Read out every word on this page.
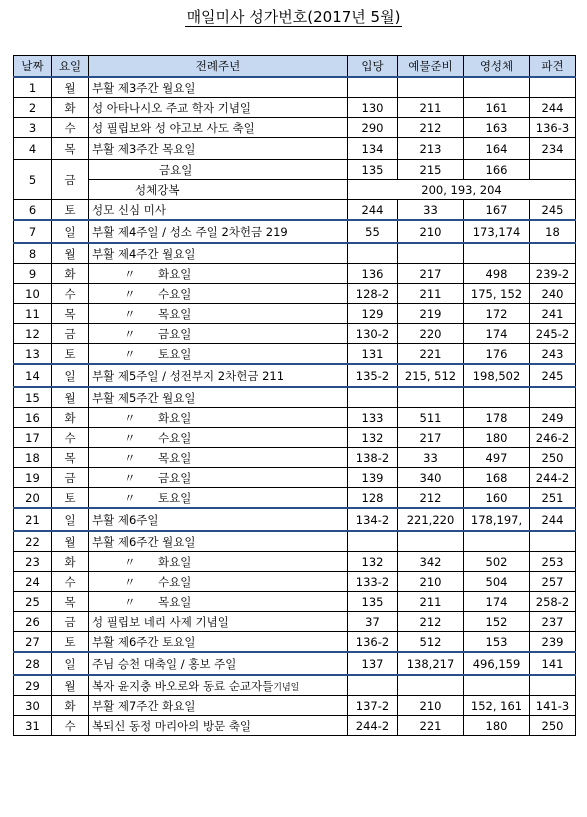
매일미사 성가번호(2017년 5월)
날짜	요일	전례주년	입당	예물준비	영성체	파견
1	월	부활 제3주간 월요일				
2	화	성 아타나시오 주교 학자 기념일	130	211	161	244
3	수	성 필립보와 성 야고보 사도 축일	290	212	163	136-3
4	목	부활 제3주간 목요일	134	213	164	234
5	금	금요일	135	215	166	
		성체강복	200, 193, 204			
6	토	성모 신심 미사	244	33	167	245
7	일	부활 제4주일 / 성소 주일 2차헌금 219	55	210	173,174	18
8	월	부활 제4주간 월요일				
9	화	〃 화요일	136	217	498	239-2
10	수	〃 수요일	128-2	211	175, 152	240
11	목	〃 목요일	129	219	172	241
12	금	〃 금요일	130-2	220	174	245-2
13	토	〃 토요일	131	221	176	243
14	일	부활 제5주일 / 성전부지 2차헌금 211	135-2	215, 512	198,502	245
15	월	부활 제5주간 월요일				
16	화	〃 화요일	133	511	178	249
17	수	〃 수요일	132	217	180	246-2
18	목	〃 목요일	138-2	33	497	250
19	금	〃 금요일	139	340	168	244-2
20	토	〃 토요일	128	212	160	251
21	일	부활 제6주일	134-2	221,220	178,197,	244
22	월	부활 제6주간 월요일				
23	화	〃 화요일	132	342	502	253
24	수	〃 수요일	133-2	210	504	257
25	목	〃 목요일	135	211	174	258-2
26	금	성 필립보 네리 사제 기념일	37	212	152	237
27	토	부활 제6주간 토요일	136-2	512	153	239
28	일	주님 승천 대축일 / 홍보 주일	137	138,217	496,159	141
29	월	복자 윤지충 바오로와 동료 순교자들기념일				
30	화	부활 제7주간 화요일	137-2	210	152, 161	141-3
31	수	복되신 동정 마리아의 방문 축일	244-2	221	180	250
